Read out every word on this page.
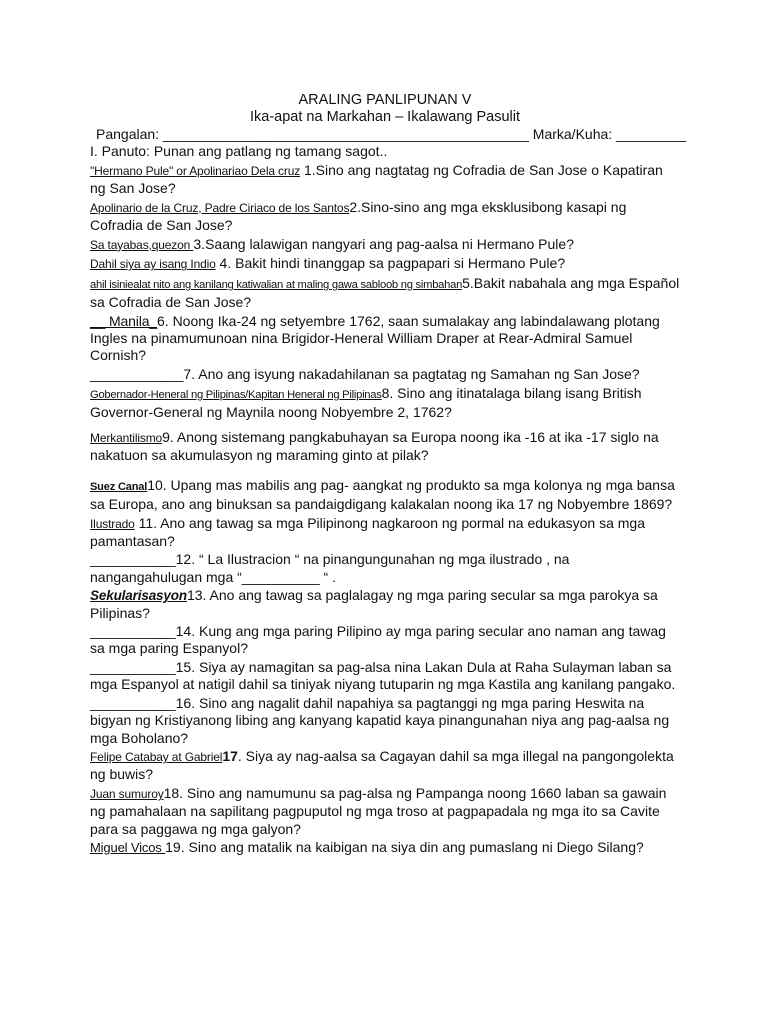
ARALING PANLIPUNAN V
Ika-apat na Markahan – Ikalawang Pasulit
Pangalan: _______________________________________________ Marka/Kuha: _________
I. Panuto: Punan ang patlang ng tamang sagot..
"Hermano Pule" or Apolinariao Dela cruz 1.Sino ang nagtatag ng Cofradia de San Jose o Kapatiran ng San Jose?
Apolinario de la Cruz, Padre Ciriaco de los Santos2.Sino-sino ang mga eksklusibong kasapi ng Cofradia de San Jose?
Sa tayabas,quezon 3.Saang lalawigan nangyari ang pag-aalsa ni Hermano Pule?
Dahil siya ay isang Indio 4. Bakit hindi tinanggap sa pagpapari si Hermano Pule?
ahil isiniealat nito ang kanilang katiwalian at maling gawa sabloob ng simbahan5.Bakit nabahala ang mga Español sa Cofradia de San Jose?
__ Manila_6. Noong Ika-24 ng setyembre 1762, saan sumalakay ang labindalawang plotang Ingles na pinamumunoan nina Brigidor-Heneral William Draper at Rear-Admiral Samuel Cornish?
____________7. Ano ang isyung nakadahilanan sa pagtatag ng Samahan ng San Jose?
Gobernador-Heneral ng Pilipinas/Kapitan Heneral ng Pilipinas8. Sino ang itinatalaga bilang isang British Governor-General ng Maynila noong Nobyembre 2, 1762?
Merkantilismo9. Anong sistemang pangkabuhayan sa Europa noong ika -16 at ika -17 siglo na nakatuon sa akumulasyon ng maraming ginto at pilak?
Suez Canal10. Upang mas mabilis ang pag- aangkat ng produkto sa mga kolonya ng mga bansa sa Europa, ano ang binuksan sa pandaigdigang kalakalan noong ika 17 ng Nobyembre 1869?
Ilustrado 11. Ano ang tawag sa mga Pilipinong nagkaroon ng pormal na edukasyon sa mga pamantasan?
___________12. “ La Ilustracion “ na pinangungunahan ng mga ilustrado , na nangangahulugan mga “__________ “ .
Sekularisasyon13. Ano ang tawag sa paglalagay ng mga paring secular sa mga parokya sa Pilipinas?
___________14. Kung ang mga paring Pilipino ay mga paring secular ano naman ang tawag sa mga paring Espanyol?
___________15. Siya ay namagitan sa pag-alsa nina Lakan Dula at Raha Sulayman laban sa mga Espanyol at natigil dahil sa tiniyak niyang tutuparin ng mga Kastila ang kanilang pangako.
___________16. Sino ang nagalit dahil napahiya sa pagtanggi ng mga paring Heswita na bigyan ng Kristiyanong libing ang kanyang kapatid kaya pinangunahan niya ang pag-aalsa ng mga Boholano?
Felipe Catabay at Gabriel17. Siya ay nag-aalsa sa Cagayan dahil sa mga illegal na pangongolekta ng buwis?
Juan sumuroy18. Sino ang namumunu sa pag-alsa ng Pampanga noong 1660 laban sa gawain ng pamahalaan na sapilitang pagpuputol ng mga troso at pagpapadala ng mga ito sa Cavite para sa paggawa ng mga galyon?
Miguel Vicos 19. Sino ang matalik na kaibigan na siya din ang pumaslang ni Diego Silang?
